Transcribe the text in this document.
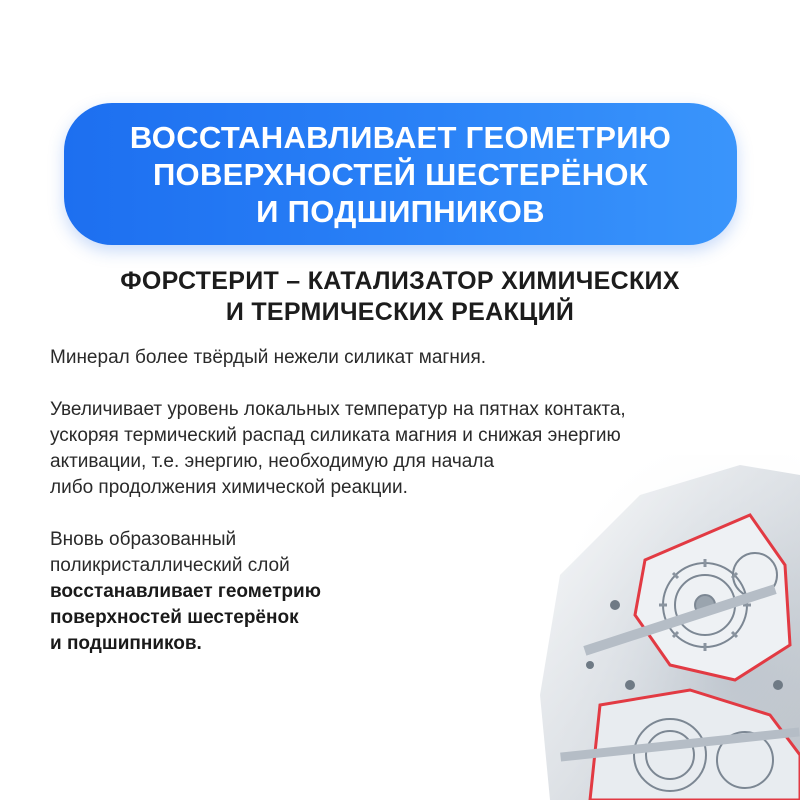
ВОССТАНАВЛИВАЕТ ГЕОМЕТРИЮ
ПОВЕРХНОСТЕЙ ШЕСТЕРЁНОК
И ПОДШИПНИКОВ
ФОРСТЕРИТ – КАТАЛИЗАТОР ХИМИЧЕСКИХ
И ТЕРМИЧЕСКИХ РЕАКЦИЙ

Минерал более твёрдый нежели силикат магния.

Увеличивает уровень локальных температур на пятнах контакта,
ускоряя термический распад силиката магния и снижая энергию
активации, т.е. энергию, необходимую для начала
либо продолжения химической реакции.

Вновь образованный
поликристаллический слой
восстанавливает геометрию
поверхностей шестерёнок
и подшипников.
